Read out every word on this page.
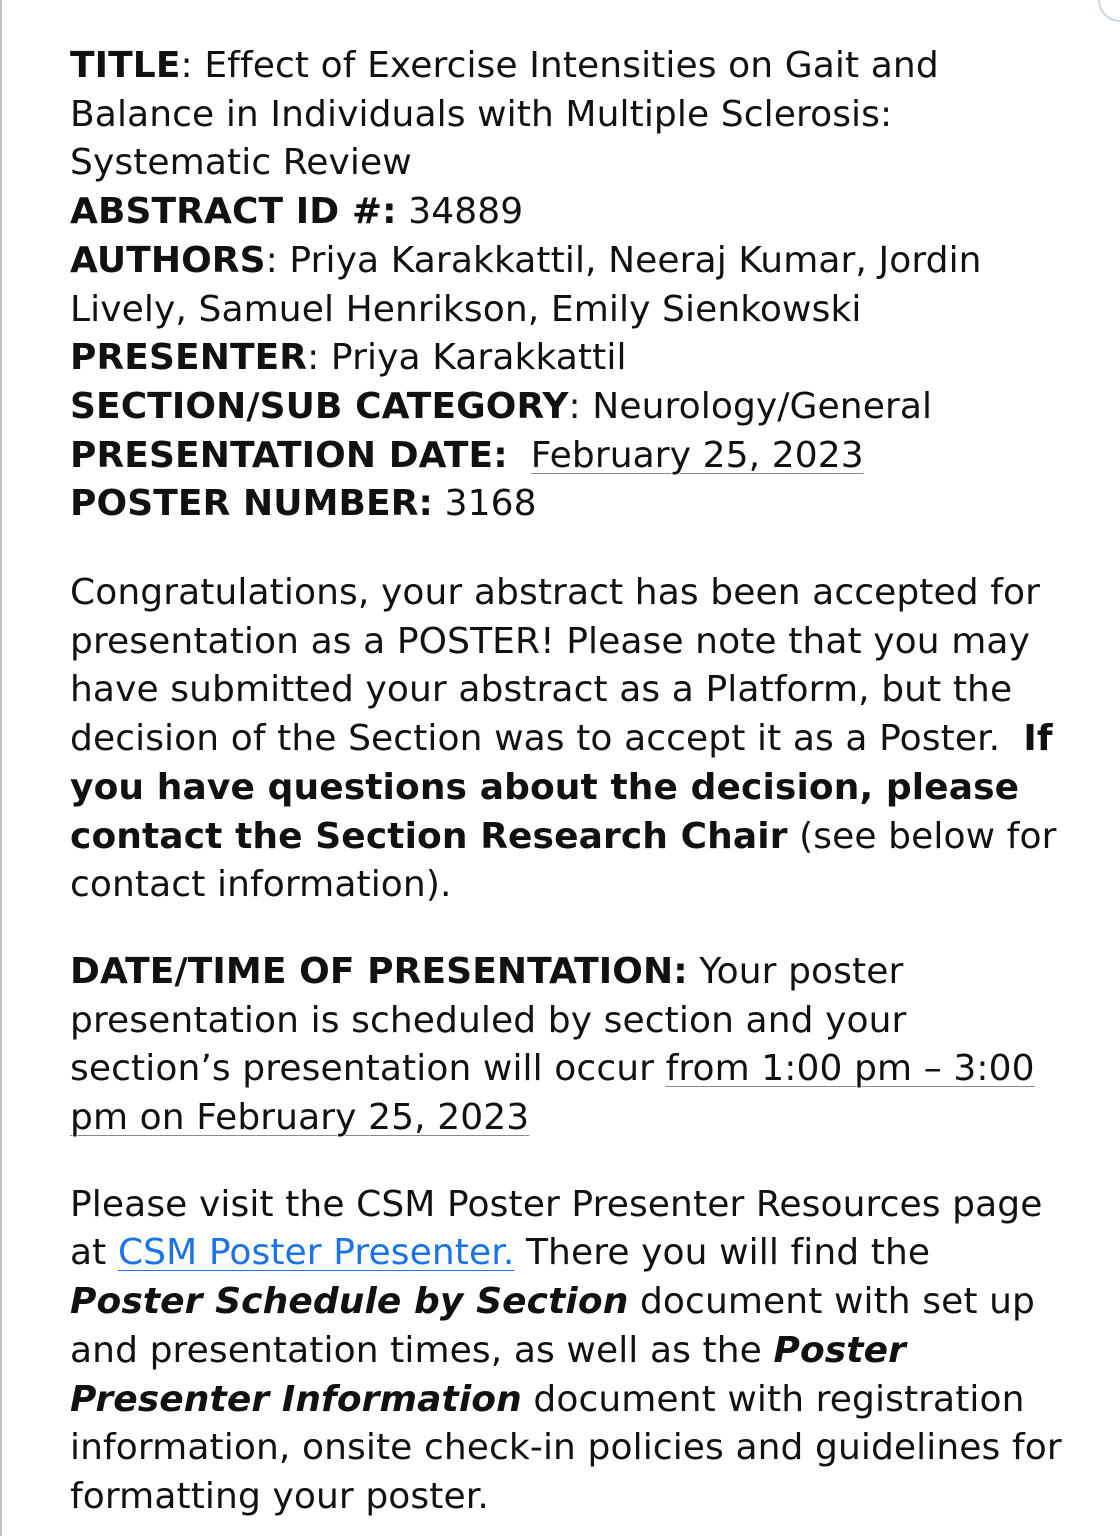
TITLE: Effect of Exercise Intensities on Gait and Balance in Individuals with Multiple Sclerosis: Systematic Review

ABSTRACT ID #: 34889

AUTHORS: Priya Karakkattil, Neeraj Kumar, Jordin Lively, Samuel Henrikson, Emily Sienkowski

PRESENTER: Priya Karakkattil

SECTION/SUB CATEGORY: Neurology/General

PRESENTATION DATE: February 25, 2023

POSTER NUMBER: 3168

Congratulations, your abstract has been accepted for presentation as a POSTER! Please note that you may have submitted your abstract as a Platform, but the decision of the Section was to accept it as a Poster. If you have questions about the decision, please contact the Section Research Chair (see below for contact information).

DATE/TIME OF PRESENTATION: Your poster presentation is scheduled by section and your section’s presentation will occur from 1:00 pm – 3:00 pm on February 25, 2023

Please visit the CSM Poster Presenter Resources page at CSM Poster Presenter. There you will find the Poster Schedule by Section document with set up and presentation times, as well as the Poster Presenter Information document with registration information, onsite check-in policies and guidelines for formatting your poster.
